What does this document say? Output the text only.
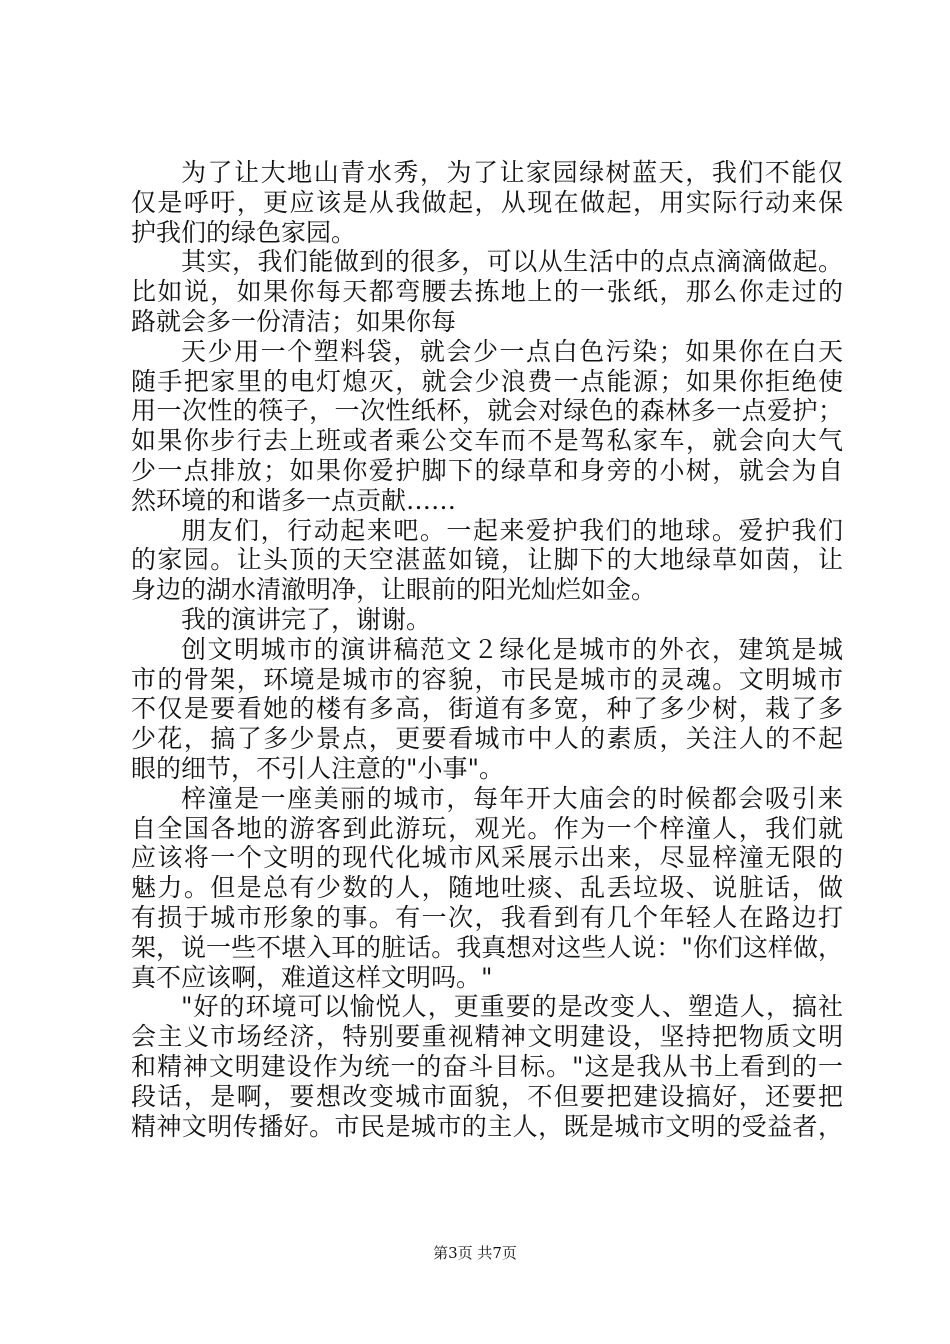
为了让大地山青水秀，为了让家园绿树蓝天，我们不能仅
仅是呼吁，更应该是从我做起，从现在做起，用实际行动来保
护我们的绿色家园。
其实，我们能做到的很多，可以从生活中的点点滴滴做起。
比如说，如果你每天都弯腰去拣地上的一张纸，那么你走过的
路就会多一份清洁；如果你每
天少用一个塑料袋，就会少一点白色污染；如果你在白天
随手把家里的电灯熄灭，就会少浪费一点能源；如果你拒绝使
用一次性的筷子，一次性纸杯，就会对绿色的森林多一点爱护；
如果你步行去上班或者乘公交车而不是驾私家车，就会向大气
少一点排放；如果你爱护脚下的绿草和身旁的小树，就会为自
然环境的和谐多一点贡献……
朋友们，行动起来吧。一起来爱护我们的地球。爱护我们
的家园。让头顶的天空湛蓝如镜，让脚下的大地绿草如茵，让
身边的湖水清澈明净，让眼前的阳光灿烂如金。
我的演讲完了，谢谢。
创文明城市的演讲稿范文２绿化是城市的外衣，建筑是城
市的骨架，环境是城市的容貌，市民是城市的灵魂。文明城市
不仅是要看她的楼有多高，街道有多宽，种了多少树，栽了多
少花，搞了多少景点，更要看城市中人的素质，关注人的不起
眼的细节，不引人注意的"小事"。
梓潼是一座美丽的城市，每年开大庙会的时候都会吸引来
自全国各地的游客到此游玩，观光。作为一个梓潼人，我们就
应该将一个文明的现代化城市风采展示出来，尽显梓潼无限的
魅力。但是总有少数的人，随地吐痰、乱丢垃圾、说脏话，做
有损于城市形象的事。有一次，我看到有几个年轻人在路边打
架，说一些不堪入耳的脏话。我真想对这些人说："你们这样做，
真不应该啊，难道这样文明吗。"
"好的环境可以愉悦人，更重要的是改变人、塑造人，搞社
会主义市场经济，特别要重视精神文明建设，坚持把物质文明
和精神文明建设作为统一的奋斗目标。"这是我从书上看到的一
段话，是啊，要想改变城市面貌，不但要把建设搞好，还要把
精神文明传播好。市民是城市的主人，既是城市文明的受益者，
第3页 共7页
